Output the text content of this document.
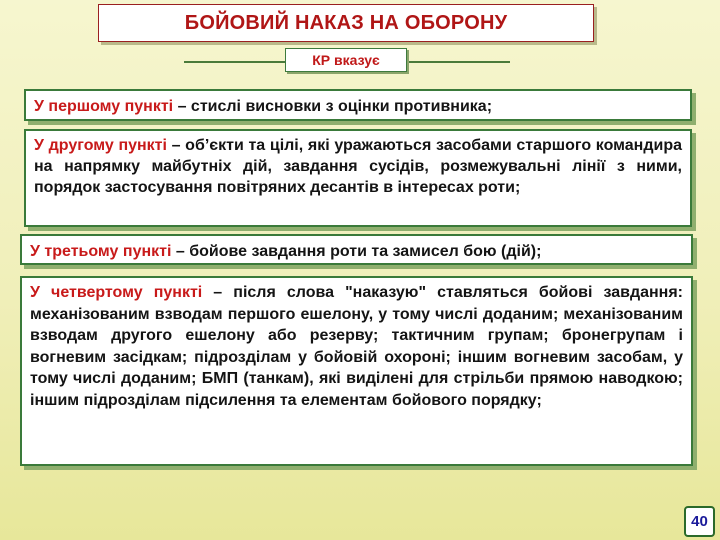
БОЙОВИЙ НАКАЗ НА ОБОРОНУ
КР вказує
У першому пункті – стислі висновки з оцінки противника;
У другому пункті – об’єкти та цілі, які уражаються засобами старшого командира на напрямку майбутніх дій, завдання сусідів, розмежувальні лінії з ними, порядок застосування повітряних десантів в інтересах роти;
У третьому пункті – бойове завдання роти та замисел бою (дій);
У четвертому пункті – після слова "наказую" ставляться бойові завдання: механізованим взводам першого ешелону, у тому числі доданим; механізованим взводам другого ешелону або резерву; тактичним групам; бронегрупам і вогневим засідкам; підрозділам у бойовій охороні; іншим вогневим засобам, у тому числі доданим; БМП (танкам), які виділені для стрільби прямою наводкою; іншим підрозділам підсилення та елементам бойового порядку;
40
